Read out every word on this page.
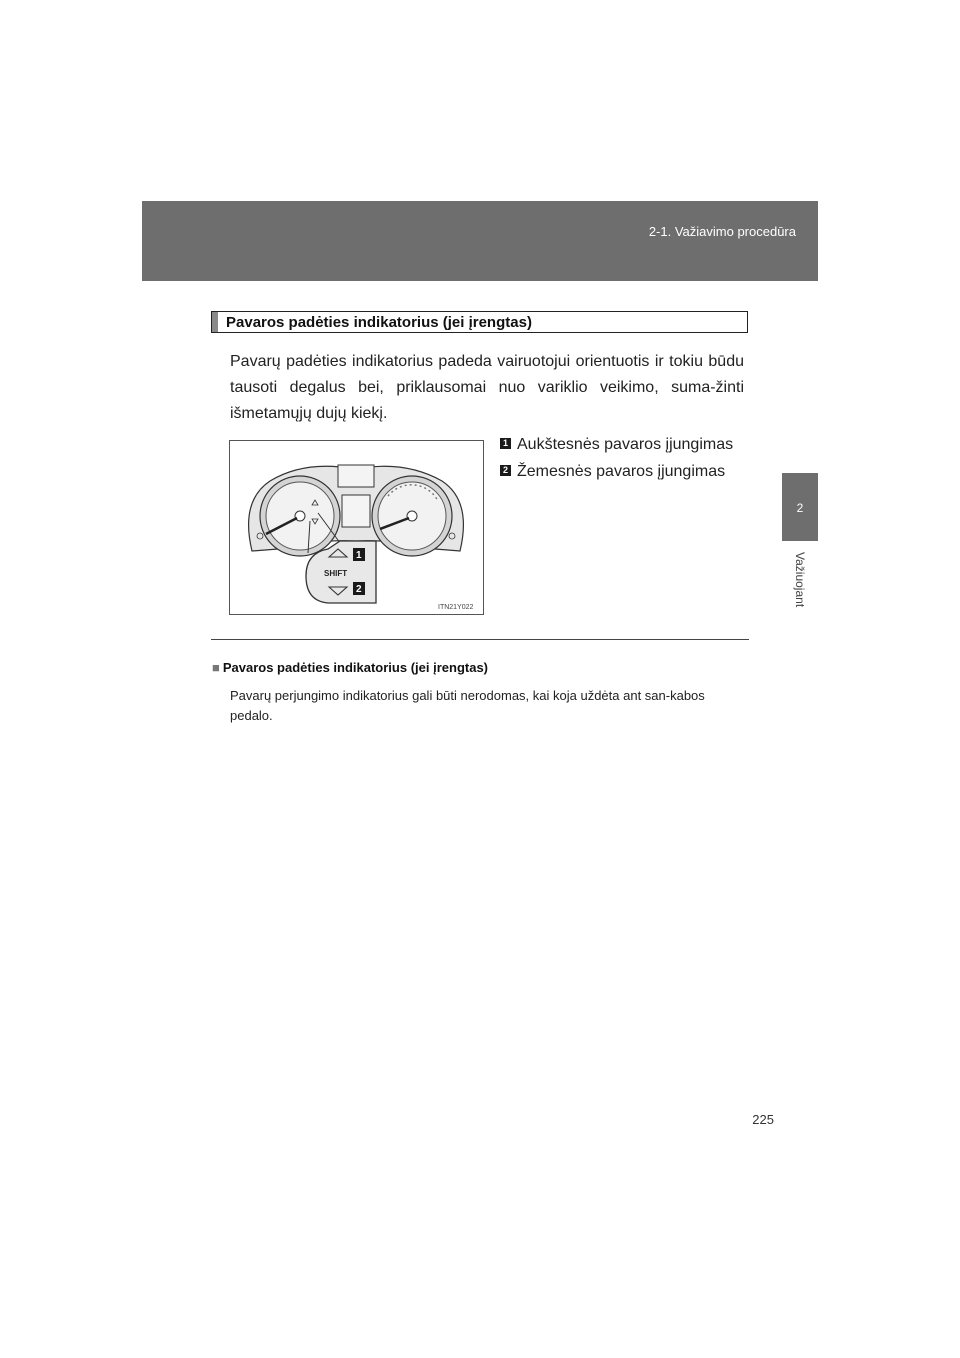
2-1. Važiavimo procedūra
2
Važiuojant
Pavaros padėties indikatorius (jei įrengtas)
Pavarų padėties indikatorius padeda vairuotojui orientuotis ir tokiu būdu tausoti degalus bei, priklausomai nuo variklio veikimo, suma-žinti išmetamųjų dujų kiekį.
SHIFT
1
2
ITN21Y022
1 Aukštesnės pavaros įjungimas
2 Žemesnės pavaros įjungimas
■ Pavaros padėties indikatorius (jei įrengtas)
Pavarų perjungimo indikatorius gali būti nerodomas, kai koja uždėta ant san-kabos pedalo.
225
